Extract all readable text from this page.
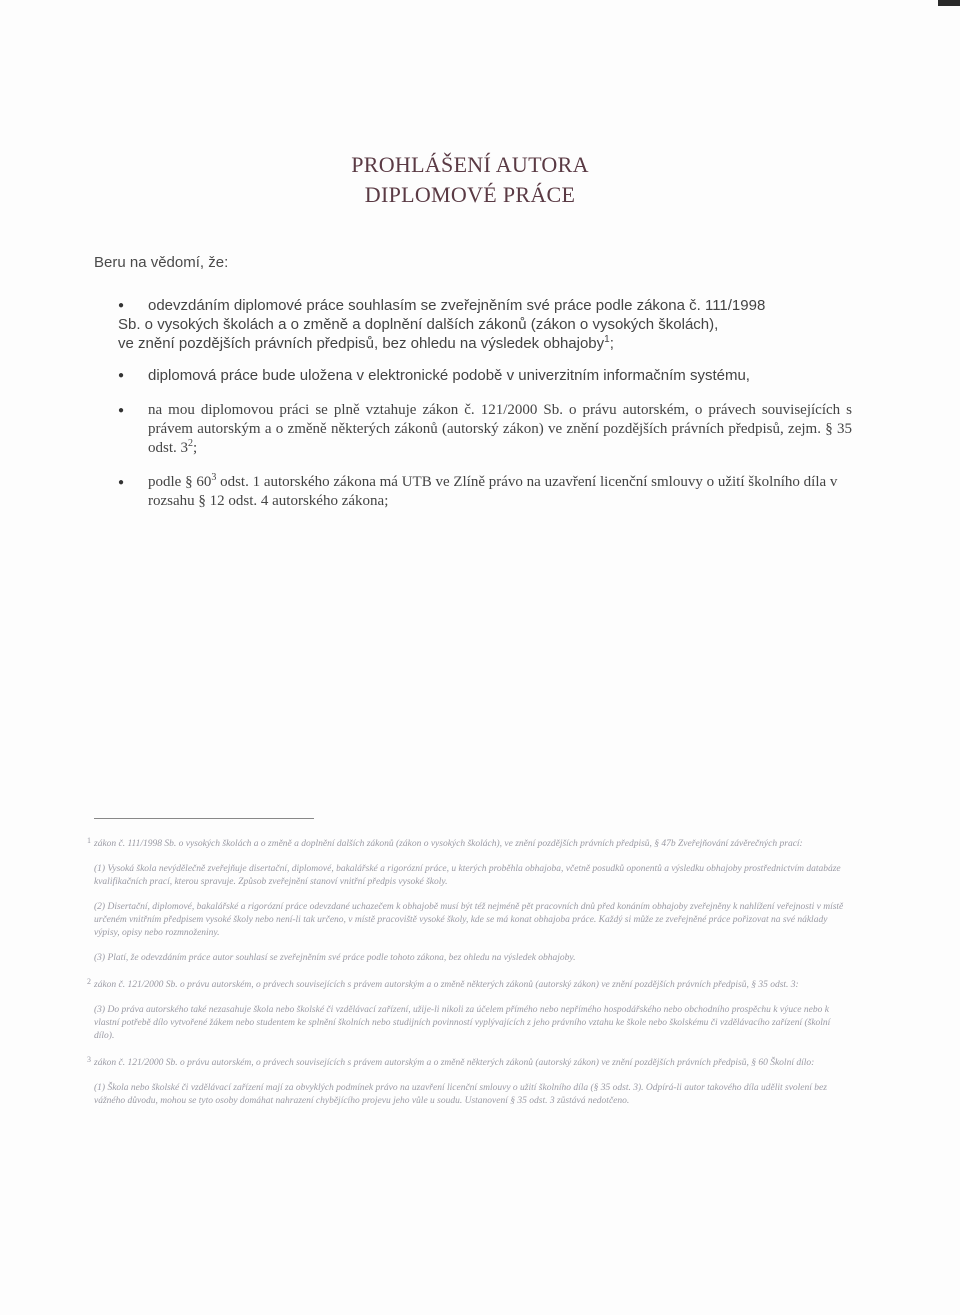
PROHLÁŠENÍ AUTORA
DIPLOMOVÉ PRÁCE
Beru na vědomí, že:
● odevzdáním diplomové práce souhlasím se zveřejněním své práce podle zákona č. 111/1998
Sb. o vysokých školách a o změně a doplnění dalších zákonů (zákon o vysokých školách),
ve znění pozdějších právních předpisů, bez ohledu na výsledek obhajoby$^1$;
● diplomová práce bude uložena v elektronické podobě v univerzitním informačním systému,
● na mou diplomovou práci se plně vztahuje zákon č. 121/2000 Sb. o právu autorském, o právech souvisejících s právem autorským a o změně některých zákonů (autorský zákon) ve znění pozdějších právních předpisů, zejm. § 35 odst. $3^2$;
● podle § $60^3$ odst. 1 autorského zákona má UTB ve Zlíně právo na uzavření licenční smlouvy o užití školního díla v rozsahu § 12 odst. 4 autorského zákona;
1 zákon č. 111/1998 Sb. o vysokých školách a o změně a doplnění dalších zákonů (zákon o vysokých školách), ve znění pozdějších právních předpisů, § 47b Zveřejňování závěrečných prací:

(1) Vysoká škola nevýdělečně zveřejňuje disertační, diplomové, bakalářské a rigorózní práce, u kterých proběhla obhajoba, včetně posudků oponentů a výsledku obhajoby prostřednictvím databáze kvalifikačních prací, kterou spravuje. Způsob zveřejnění stanoví vnitřní předpis vysoké školy.

(2) Disertační, diplomové, bakalářské a rigorózní práce odevzdané uchazečem k obhajobě musí být též nejméně pět pracovních dnů před konáním obhajoby zveřejněny k nahlížení veřejnosti v místě určeném vnitřním předpisem vysoké školy nebo není-li tak určeno, v místě pracoviště vysoké školy, kde se má konat obhajoba práce. Každý si může ze zveřejněné práce pořizovat na své náklady výpisy, opisy nebo rozmnoženiny.

(3) Platí, že odevzdáním práce autor souhlasí se zveřejněním své práce podle tohoto zákona, bez ohledu na výsledek obhajoby.

2 zákon č. 121/2000 Sb. o právu autorském, o právech souvisejících s právem autorským a o změně některých zákonů (autorský zákon) ve znění pozdějších právních předpisů, § 35 odst. 3:

(3) Do práva autorského také nezasahuje škola nebo školské či vzdělávací zařízení, užije-li nikoli za účelem přímého nebo nepřímého hospodářského nebo obchodního prospěchu k výuce nebo k vlastní potřebě dílo vytvořené žákem nebo studentem ke splnění školních nebo studijních povinností vyplývajících z jeho právního vztahu ke škole nebo školskému či vzdělávacího zařízení (školní dílo).

3 zákon č. 121/2000 Sb. o právu autorském, o právech souvisejících s právem autorským a o změně některých zákonů (autorský zákon) ve znění pozdějších právních předpisů, § 60 Školní dílo:

(1) Škola nebo školské či vzdělávací zařízení mají za obvyklých podmínek právo na uzavření licenční smlouvy o užití školního díla (§ 35 odst. 3). Odpírá-li autor takového díla udělit svolení bez vážného důvodu, mohou se tyto osoby domáhat nahrazení chybějícího projevu jeho vůle u soudu. Ustanovení § 35 odst. 3 zůstává nedotčeno.
